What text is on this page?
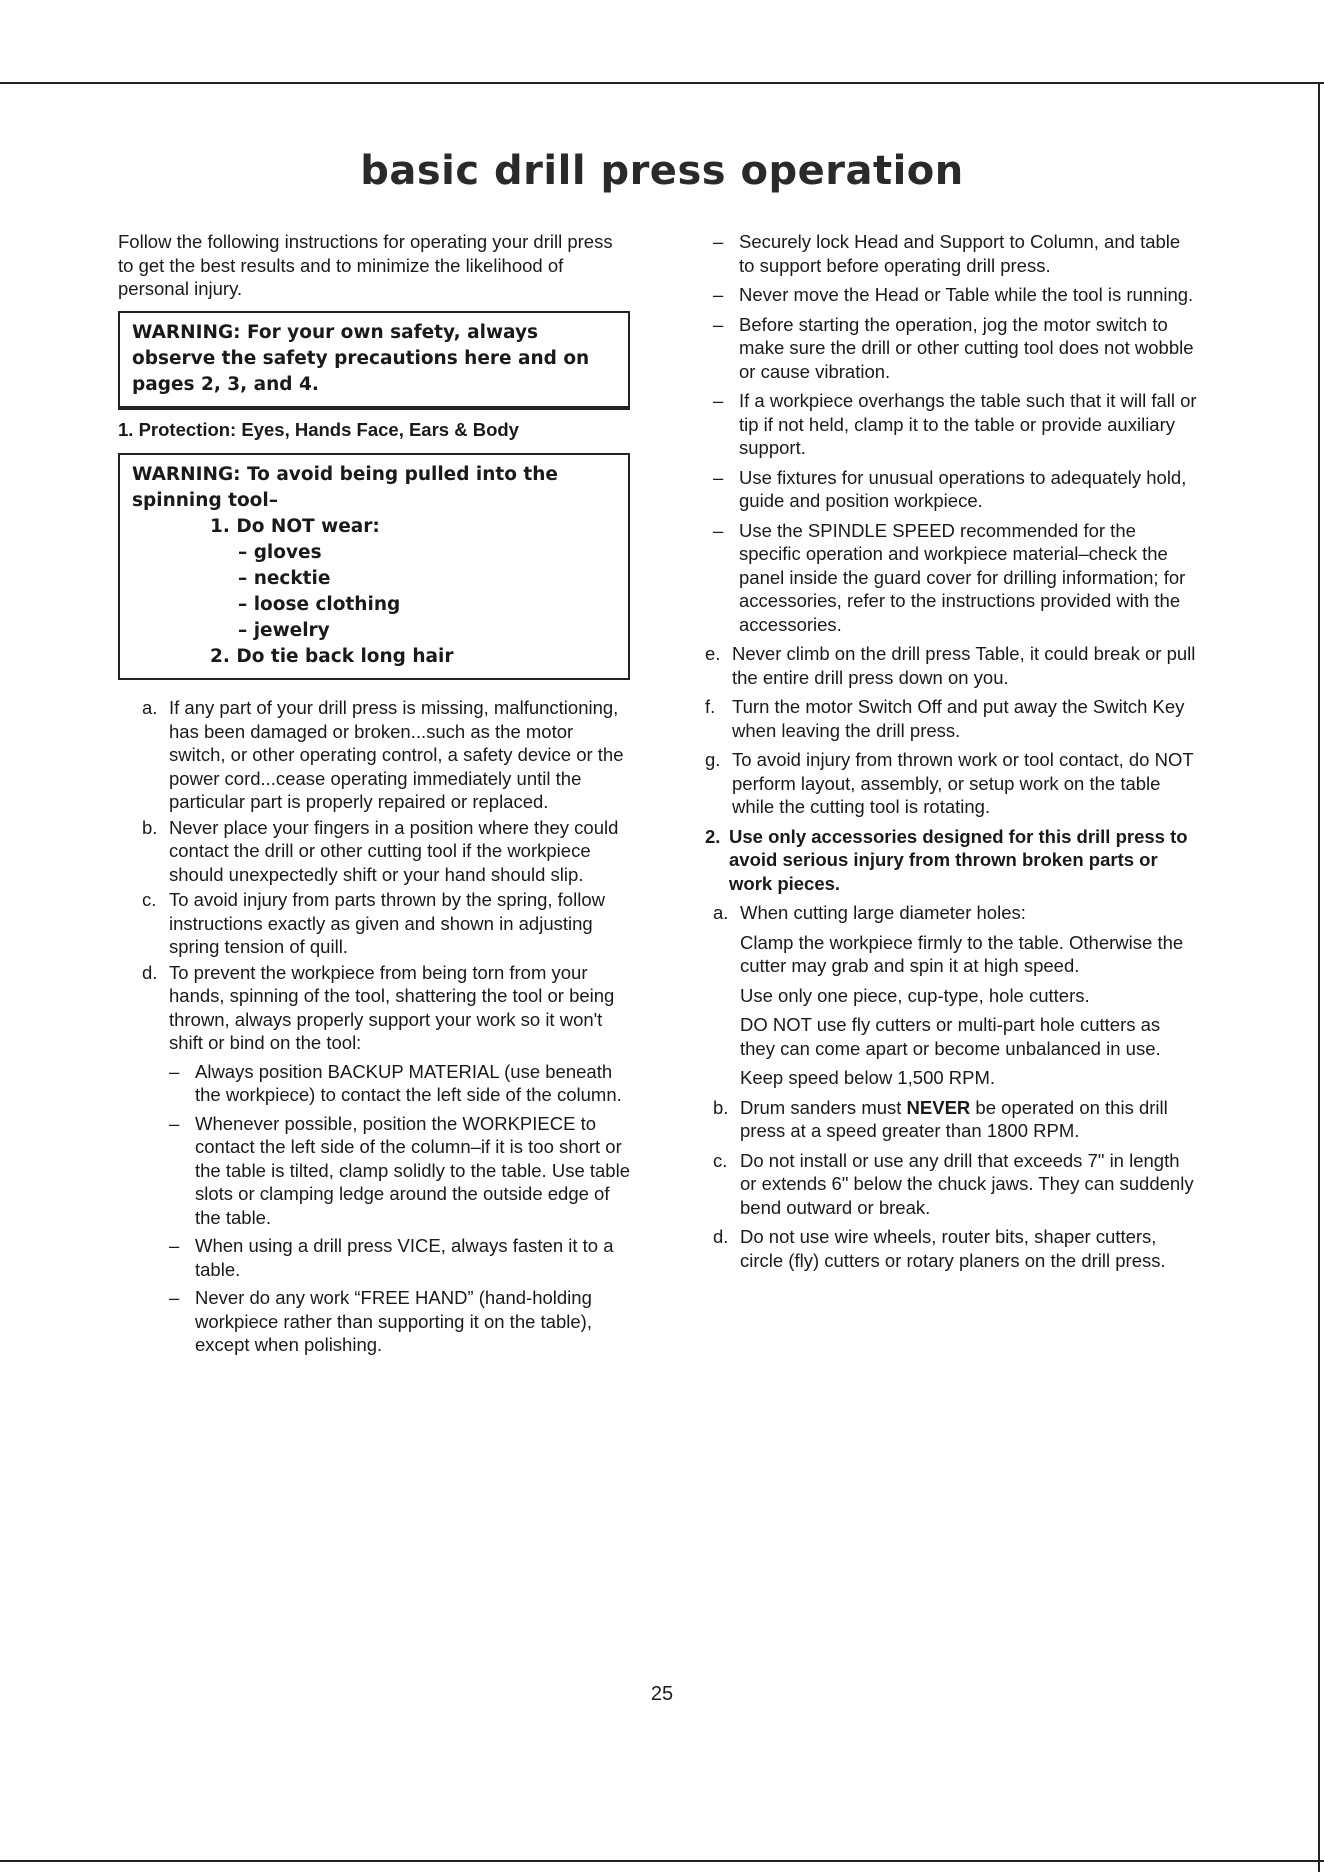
basic drill press operation

Follow the following instructions for operating your drill press to get the best results and to minimize the likelihood of personal injury.

WARNING: For your own safety, always observe the safety precautions here and on pages 2, 3, and 4.
1. Protection: Eyes, Hands Face, Ears & Body
WARNING: To avoid being pulled into the spinning tool–
1. Do NOT wear:
– gloves
– necktie
– loose clothing
– jewelry
2. Do tie back long hair
a. If any part of your drill press is missing, malfunctioning, has been damaged or broken...such as the motor switch, or other operating control, a safety device or the power cord...cease operating immediately until the particular part is properly repaired or replaced.
b. Never place your fingers in a position where they could contact the drill or other cutting tool if the workpiece should unexpectedly shift or your hand should slip.
c. To avoid injury from parts thrown by the spring, follow instructions exactly as given and shown in adjusting spring tension of quill.
d. To prevent the workpiece from being torn from your hands, spinning of the tool, shattering the tool or being thrown, always properly support your work so it won't shift or bind on the tool:
– Always position BACKUP MATERIAL (use beneath the workpiece) to contact the left side of the column.
– Whenever possible, position the WORKPIECE to contact the left side of the column–if it is too short or the table is tilted, clamp solidly to the table. Use table slots or clamping ledge around the outside edge of the table.
– When using a drill press VICE, always fasten it to a table.
– Never do any work “FREE HAND” (hand-holding workpiece rather than supporting it on the table), except when polishing.
– Securely lock Head and Support to Column, and table to support before operating drill press.
– Never move the Head or Table while the tool is running.
– Before starting the operation, jog the motor switch to make sure the drill or other cutting tool does not wobble or cause vibration.
– If a workpiece overhangs the table such that it will fall or tip if not held, clamp it to the table or provide auxiliary support.
– Use fixtures for unusual operations to adequately hold, guide and position workpiece.
– Use the SPINDLE SPEED recommended for the specific operation and workpiece material–check the panel inside the guard cover for drilling information; for accessories, refer to the instructions provided with the accessories.
e. Never climb on the drill press Table, it could break or pull the entire drill press down on you.
f. Turn the motor Switch Off and put away the Switch Key when leaving the drill press.
g. To avoid injury from thrown work or tool contact, do NOT perform layout, assembly, or setup work on the table while the cutting tool is rotating.
2. Use only accessories designed for this drill press to avoid serious injury from thrown broken parts or work pieces.
a. When cutting large diameter holes:

Clamp the workpiece firmly to the table. Otherwise the cutter may grab and spin it at high speed.

Use only one piece, cup-type, hole cutters.

DO NOT use fly cutters or multi-part hole cutters as they can come apart or become unbalanced in use.

Keep speed below 1,500 RPM.

b. Drum sanders must NEVER be operated on this drill press at a speed greater than 1800 RPM.
c. Do not install or use any drill that exceeds 7" in length or extends 6" below the chuck jaws. They can suddenly bend outward or break.
d. Do not use wire wheels, router bits, shaper cutters, circle (fly) cutters or rotary planers on the drill press.
25
